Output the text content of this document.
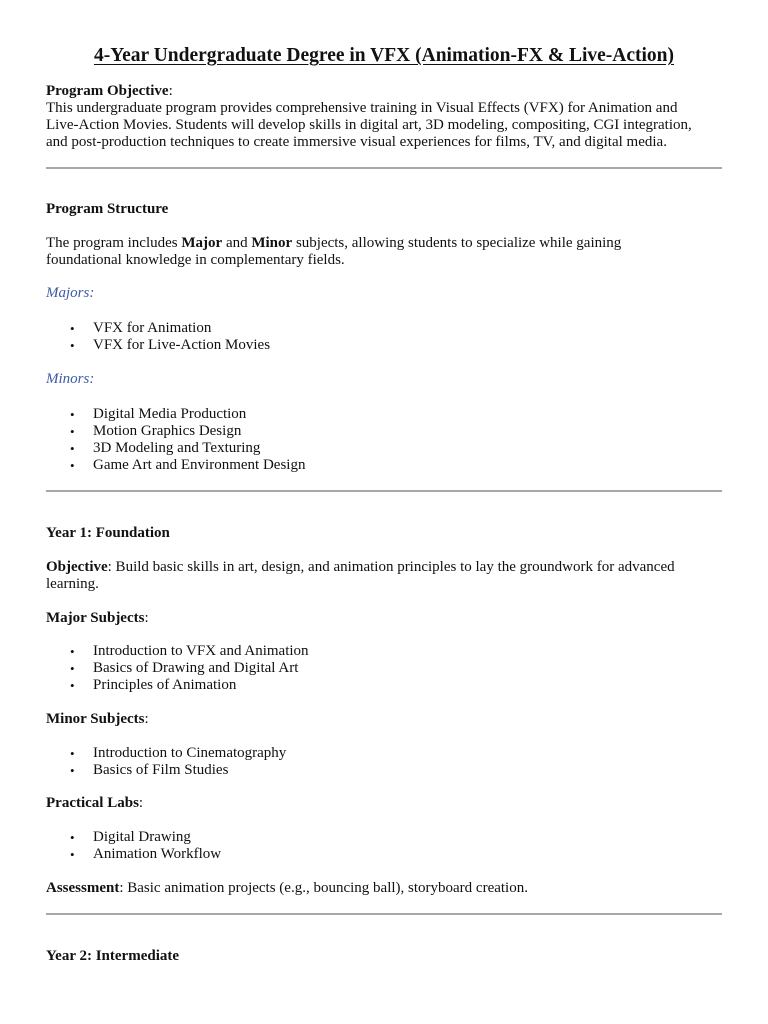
4-Year Undergraduate Degree in VFX (Animation-FX & Live-Action)

Program Objective:

This undergraduate program provides comprehensive training in Visual Effects (VFX) for Animation and

Live-Action Movies. Students will develop skills in digital art, 3D modeling, compositing, CGI integration,

and post-production techniques to create immersive visual experiences for films, TV, and digital media.

Program Structure

The program includes Major and Minor subjects, allowing students to specialize while gaining

foundational knowledge in complementary fields.

Majors:

• VFX for Animation
• VFX for Live-Action Movies

Minors:

• Digital Media Production
• Motion Graphics Design
• 3D Modeling and Texturing
• Game Art and Environment Design

Year 1: Foundation

Objective: Build basic skills in art, design, and animation principles to lay the groundwork for advanced

learning.

Major Subjects:

• Introduction to VFX and Animation
• Basics of Drawing and Digital Art
• Principles of Animation

Minor Subjects:

• Introduction to Cinematography
• Basics of Film Studies

Practical Labs:

• Digital Drawing
• Animation Workflow

Assessment: Basic animation projects (e.g., bouncing ball), storyboard creation.

Year 2: Intermediate
